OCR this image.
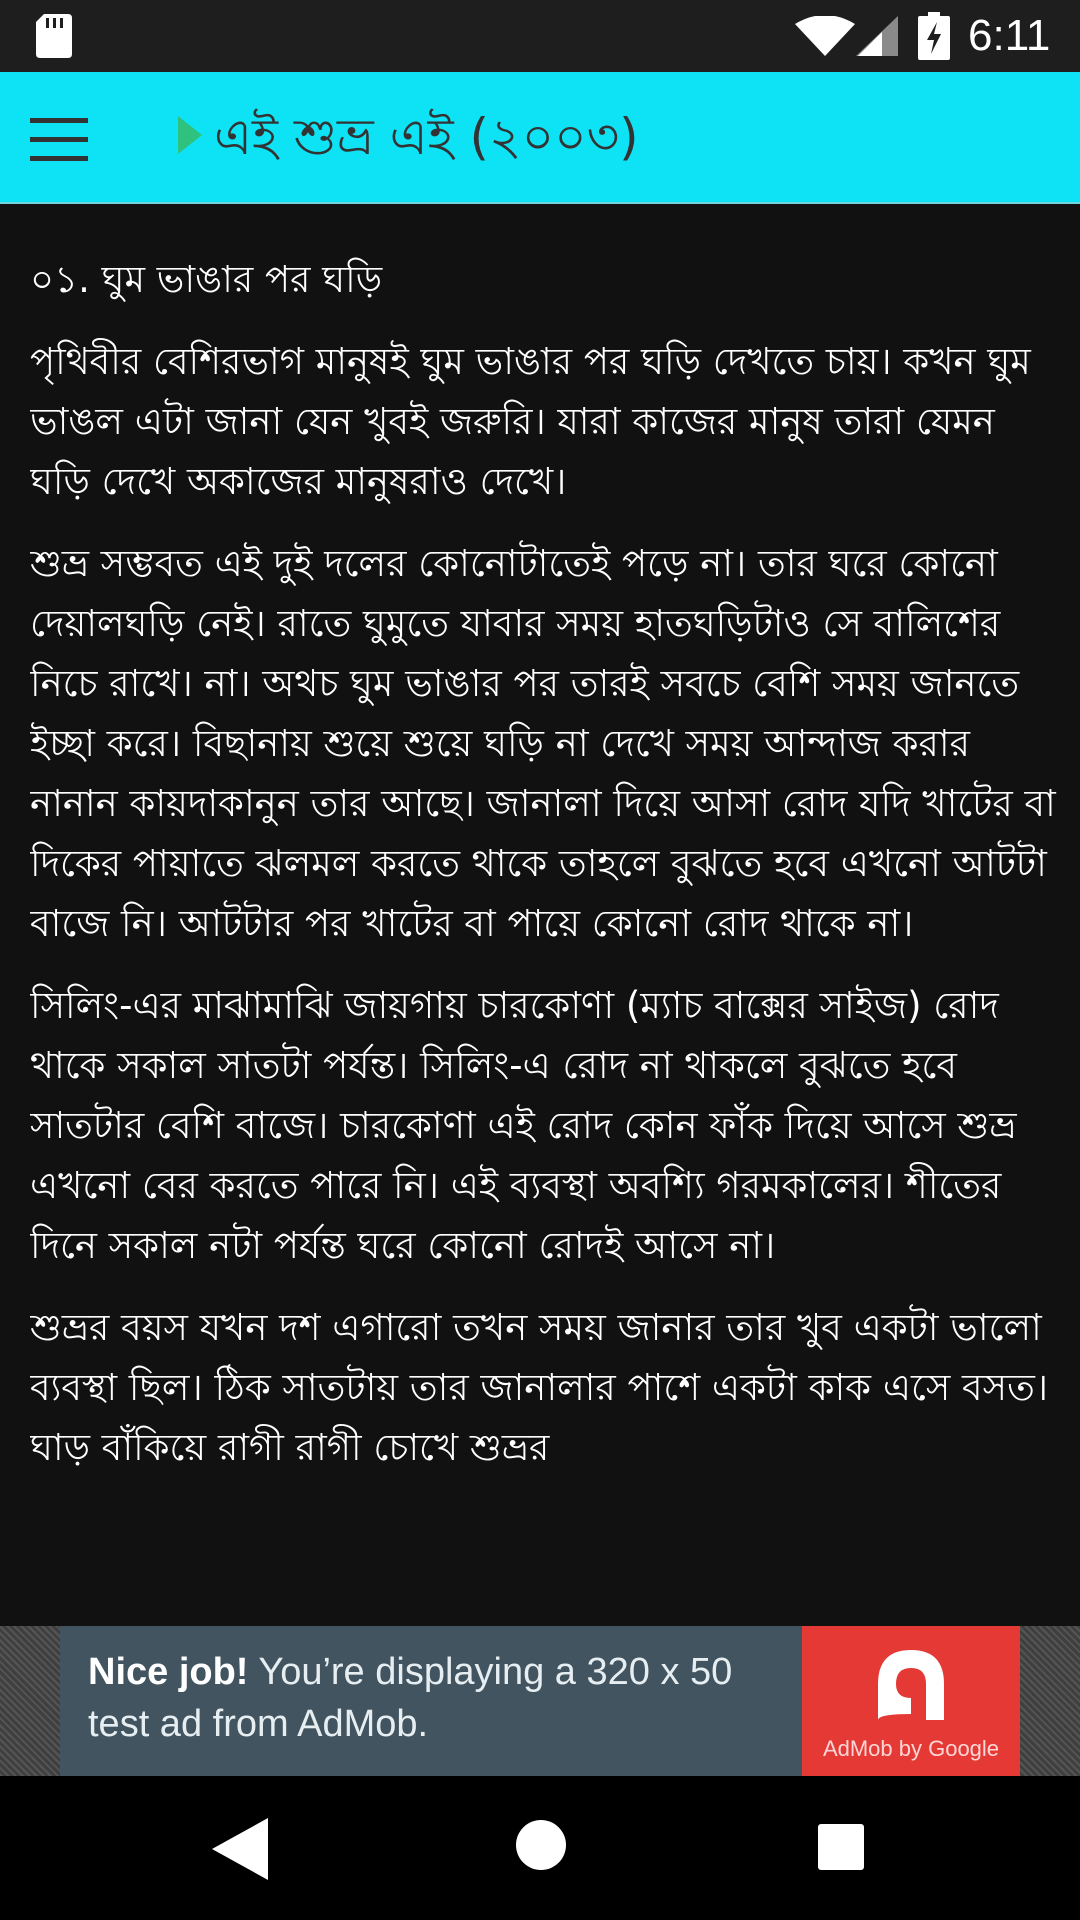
6:11
এই শুভ্র এই (২০০৩)
০১. ঘুম ভাঙার পর ঘড়ি

পৃথিবীর বেশিরভাগ মানুষই ঘুম ভাঙার পর ঘড়ি দেখতে চায়। কখন ঘুম ভাঙল এটা জানা যেন খুবই জরুরি। যারা কাজের মানুষ তারা যেমন ঘড়ি দেখে অকাজের মানুষরাও দেখে।

শুভ্র সম্ভবত এই দুই দলের কোনোটাতেই পড়ে না। তার ঘরে কোনো দেয়ালঘড়ি নেই। রাতে ঘুমুতে যাবার সময় হাতঘড়িটাও সে বালিশের নিচে রাখে। না। অথচ ঘুম ভাঙার পর তারই সবচে বেশি সময় জানতে ইচ্ছা করে। বিছানায় শুয়ে শুয়ে ঘড়ি না দেখে সময় আন্দাজ করার নানান কায়দাকানুন তার আছে। জানালা দিয়ে আসা রোদ যদি খাটের বা দিকের পায়াতে ঝলমল করতে থাকে তাহলে বুঝতে হবে এখনো আটটা বাজে নি। আটটার পর খাটের বা পায়ে কোনো রোদ থাকে না।

সিলিং-এর মাঝামাঝি জায়গায় চারকোণা (ম্যাচ বাক্সের সাইজ) রোদ থাকে সকাল সাতটা পর্যন্ত। সিলিং-এ রোদ না থাকলে বুঝতে হবে সাতটার বেশি বাজে। চারকোণা এই রোদ কোন ফাঁক দিয়ে আসে শুভ্র এখনো বের করতে পারে নি। এই ব্যবস্থা অবশ্যি গরমকালের। শীতের দিনে সকাল নটা পর্যন্ত ঘরে কোনো রোদই আসে না।

শুভ্রর বয়স যখন দশ এগারো তখন সময় জানার তার খুব একটা ভালো ব্যবস্থা ছিল। ঠিক সাতটায় তার জানালার পাশে একটা কাক এসে বসত। ঘাড় বাঁকিয়ে রাগী রাগী চোখে শুভ্রর

Nice job! You’re displaying a 320 x 50 test ad from AdMob.
AdMob by Google
